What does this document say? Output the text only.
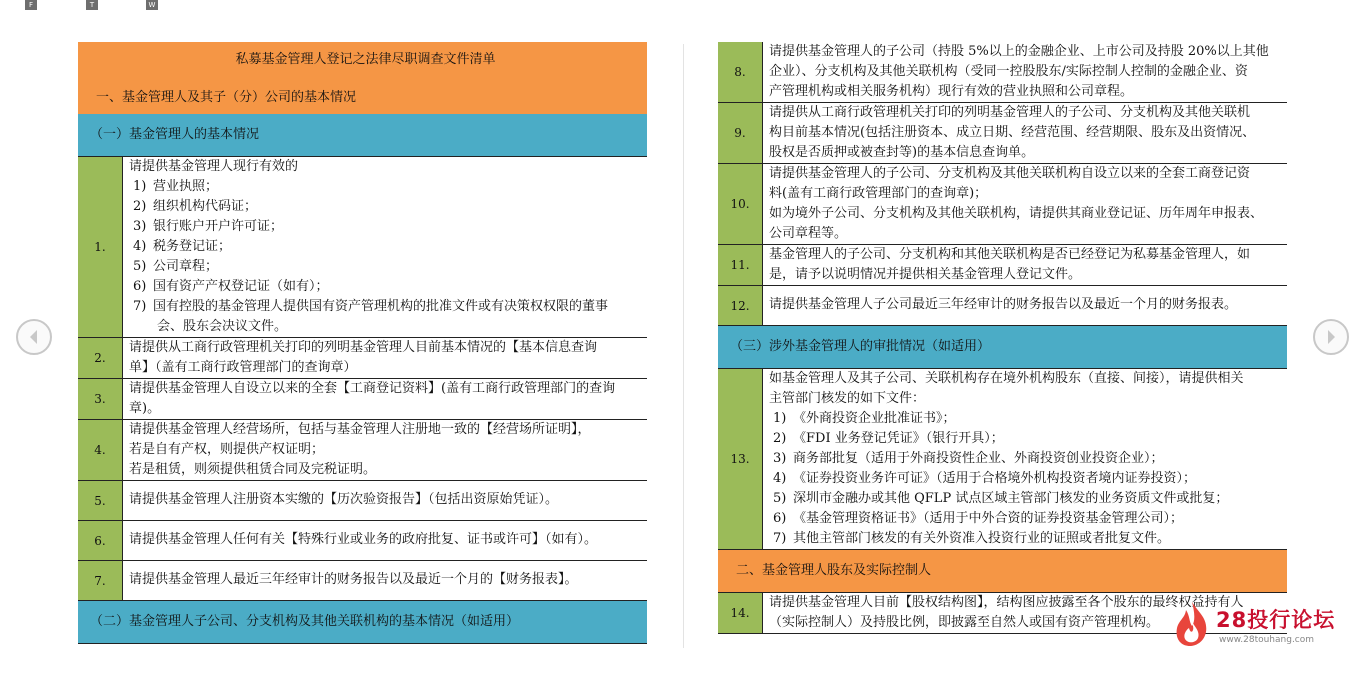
F	T	W
私募基金管理人登记之法律尽职调查文件清单
一、基金管理人及其子（分）公司的基本情况
（一）基金管理人的基本情况
1.
请提供基金管理人现行有效的
1) 营业执照；
2) 组织机构代码证；
3) 银行账户开户许可证；
4) 税务登记证；
5) 公司章程；
6) 国有资产产权登记证（如有）；
7) 国有控股的基金管理人提供国有资产管理机构的批准文件或有决策权权限的董事
会、股东会决议文件。
2.
请提供从工商行政管理机关打印的列明基金管理人目前基本情况的【基本信息查询
单】（盖有工商行政管理部门的查询章）
3.
请提供基金管理人自设立以来的全套【工商登记资料】(盖有工商行政管理部门的查询
章)。
4.
请提供基金管理人经营场所，包括与基金管理人注册地一致的【经营场所证明】，
若是自有产权，则提供产权证明；
若是租赁，则须提供租赁合同及完税证明。
5.	请提供基金管理人注册资本实缴的【历次验资报告】（包括出资原始凭证）。
6.	请提供基金管理人任何有关【特殊行业或业务的政府批复、证书或许可】（如有）。
7.	请提供基金管理人最近三年经审计的财务报告以及最近一个月的【财务报表】。
（二）基金管理人子公司、分支机构及其他关联机构的基本情况（如适用）
8.
请提供基金管理人的子公司（持股 5%以上的金融企业、上市公司及持股 20%以上其他
企业）、分支机构及其他关联机构（受同一控股股东/实际控制人控制的金融企业、资
产管理机构或相关服务机构）现行有效的营业执照和公司章程。
9.
请提供从工商行政管理机关打印的列明基金管理人的子公司、分支机构及其他关联机
构目前基本情况(包括注册资本、成立日期、经营范围、经营期限、股东及出资情况、
股权是否质押或被查封等)的基本信息查询单。
10.
请提供基金管理人的子公司、分支机构及其他关联机构自设立以来的全套工商登记资
料(盖有工商行政管理部门的查询章)；
如为境外子公司、分支机构及其他关联机构，请提供其商业登记证、历年周年申报表、
公司章程等。
11.
基金管理人的子公司、分支机构和其他关联机构是否已经登记为私募基金管理人，如
是，请予以说明情况并提供相关基金管理人登记文件。
12.	请提供基金管理人子公司最近三年经审计的财务报告以及最近一个月的财务报表。
（三）涉外基金管理人的审批情况（如适用）
13.
如基金管理人及其子公司、关联机构存在境外机构股东（直接、间接），请提供相关
主管部门核发的如下文件：
1) 《外商投资企业批准证书》；
2) 《FDI 业务登记凭证》（银行开具）；
3) 商务部批复（适用于外商投资性企业、外商投资创业投资企业）；
4) 《证券投资业务许可证》（适用于合格境外机构投资者境内证券投资）；
5) 深圳市金融办或其他 QFLP 试点区域主管部门核发的业务资质文件或批复；
6) 《基金管理资格证书》（适用于中外合资的证券投资基金管理公司）；
7) 其他主管部门核发的有关外资准入投资行业的证照或者批复文件。
二、基金管理人股东及实际控制人
14.
请提供基金管理人目前【股权结构图】，结构图应披露至各个股东的最终权益持有人
（实际控制人）及持股比例，即披露至自然人或国有资产管理机构。	28投行论坛
www.28touhang.com
